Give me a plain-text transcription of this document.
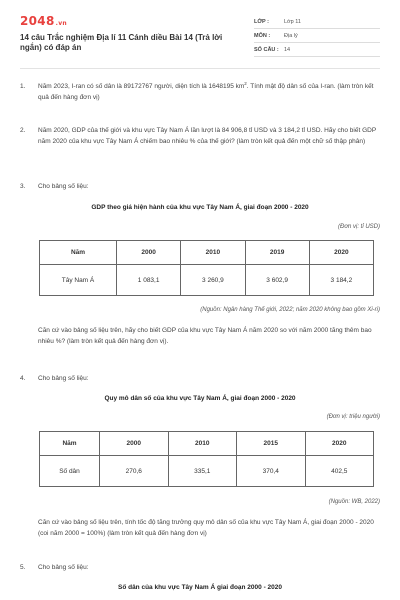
2048.vn
14 câu Trắc nghiệm Địa lí 11 Cánh diều Bài 14 (Trả lời ngắn) có đáp án
LỚP :	Lớp 11
MÔN :	Địa lý
SỐ CÂU : 14
1.	Năm 2023, I-ran có số dân là 89172767 người, diện tích là 1648195 $km^2$. Tính mật độ dân số của I-ran. (làm tròn kết quả đến hàng đơn vị)
2.	Năm 2020, GDP của thế giới và khu vực Tây Nam Á lần lượt là 84 906,8 tỉ USD và 3 184,2 tỉ USD. Hãy cho biết GDP năm 2020 của khu vực Tây Nam Á chiếm bao nhiêu % của thế giới? (làm tròn kết quả đến một chữ số thập phân)
3.	Cho bảng số liệu:
GDP theo giá hiện hành của khu vực Tây Nam Á, giai đoạn 2000 - 2020
(Đơn vị: tỉ USD)
Năm	2000	2010	2019	2020
Tây Nam Á	1 083,1	3 260,9	3 602,9	3 184,2
(Nguồn: Ngân hàng Thế giới, 2022; năm 2020 không bao gồm Xi-ri)
Căn cứ vào bảng số liệu trên, hãy cho biết GDP của khu vực Tây Nam Á năm 2020 so với năm 2000 tăng thêm bao nhiêu %? (làm tròn kết quả đến hàng đơn vị).
4.	Cho bảng số liệu:
Quy mô dân số của khu vực Tây Nam Á, giai đoạn 2000 - 2020
(Đơn vị: triệu người)
Năm	2000	2010	2015	2020
Số dân	270,6	335,1	370,4	402,5
(Nguồn: WB, 2022)
Căn cứ vào bảng số liệu trên, tính tốc độ tăng trưởng quy mô dân số của khu vực Tây Nam Á, giai đoạn 2000 - 2020 (coi năm 2000 = 100%) (làm tròn kết quả đến hàng đơn vị)
5.	Cho bảng số liệu:
Số dân của khu vực Tây Nam Á giai đoạn 2000 - 2020
